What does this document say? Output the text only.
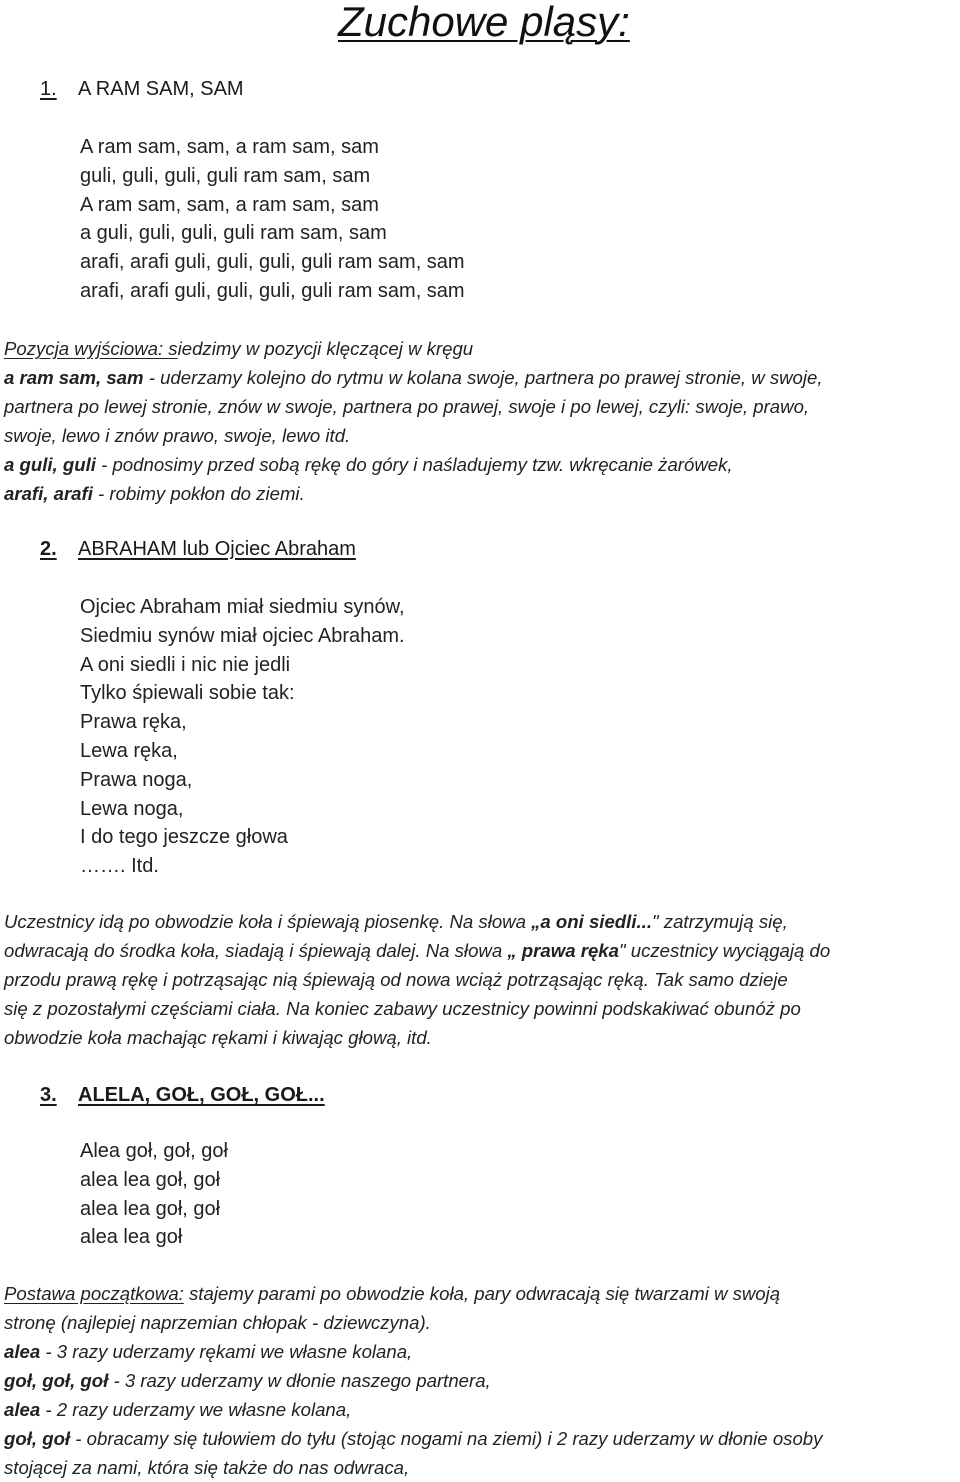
Zuchowe pląsy:
1. A RAM SAM, SAM
A ram sam, sam, a ram sam, sam
guli, guli, guli, guli ram sam, sam
A ram sam, sam, a ram sam, sam
a guli, guli, guli, guli ram sam, sam
arafi, arafi guli, guli, guli, guli ram sam, sam
arafi, arafi guli, guli, guli, guli ram sam, sam
Pozycja wyjściowa: siedzimy w pozycji klęczącej w kręgu
a ram sam, sam - uderzamy kolejno do rytmu w kolana swoje, partnera po prawej stronie, w swoje,
partnera po lewej stronie, znów w swoje, partnera po prawej, swoje i po lewej, czyli: swoje, prawo,
swoje, lewo i znów prawo, swoje, lewo itd.
a guli, guli - podnosimy przed sobą rękę do góry i naśladujemy tzw. wkręcanie żarówek,
arafi, arafi - robimy pokłon do ziemi.
2. ABRAHAM lub Ojciec Abraham
Ojciec Abraham miał siedmiu synów,
Siedmiu synów miał ojciec Abraham.
A oni siedli i nic nie jedli
Tylko śpiewali sobie tak:
Prawa ręka,
Lewa ręka,
Prawa noga,
Lewa noga,
I do tego jeszcze głowa
……. Itd.
Uczestnicy idą po obwodzie koła i śpiewają piosenkę. Na słowa „a oni siedli..." zatrzymują się,
odwracają do środka koła, siadają i śpiewają dalej. Na słowa „ prawa ręka" uczestnicy wyciągają do
przodu prawą rękę i potrząsając nią śpiewają od nowa wciąż potrząsając ręką. Tak samo dzieje
się z pozostałymi częściami ciała. Na koniec zabawy uczestnicy powinni podskakiwać obunóż po
obwodzie koła machając rękami i kiwając głową, itd.
3. ALELA, GOŁ, GOŁ, GOŁ...
Alea goł, goł, goł
alea lea goł, goł
alea lea goł, goł
alea lea goł
Postawa początkowa: stajemy parami po obwodzie koła, pary odwracają się twarzami w swoją
stronę (najlepiej naprzemian chłopak - dziewczyna).
alea - 3 razy uderzamy rękami we własne kolana,
goł, goł, goł - 3 razy uderzamy w dłonie naszego partnera,
alea - 2 razy uderzamy we własne kolana,
goł, goł - obracamy się tułowiem do tyłu (stojąc nogami na ziemi) i 2 razy uderzamy w dłonie osoby
stojącej za nami, która się także do nas odwraca,
